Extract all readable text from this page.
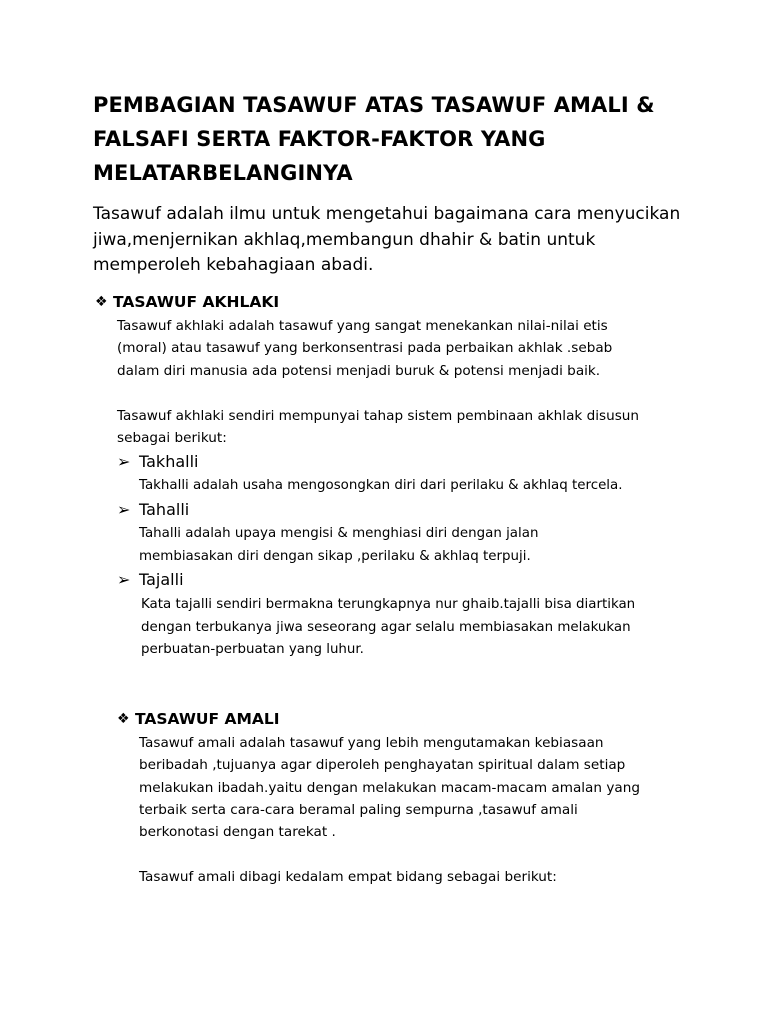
PEMBAGIAN TASAWUF ATAS TASAWUF AMALI &
FALSAFI SERTA FAKTOR-FAKTOR YANG
MELATARBELANGINYA
Tasawuf adalah ilmu untuk mengetahui bagaimana cara menyucikan
jiwa,menjernikan akhlaq,membangun dhahir & batin untuk
memperoleh kebahagiaan abadi.
❖ TASAWUF AKHLAKI
Tasawuf akhlaki adalah tasawuf yang sangat menekankan nilai-nilai etis
(moral) atau tasawuf yang berkonsentrasi pada perbaikan akhlak .sebab
dalam diri manusia ada potensi menjadi buruk & potensi menjadi baik.
Tasawuf akhlaki sendiri mempunyai tahap sistem pembinaan akhlak disusun
sebagai berikut:
➢ Takhalli
Takhalli adalah usaha mengosongkan diri dari perilaku & akhlaq tercela.
➢ Tahalli
Tahalli adalah upaya mengisi & menghiasi diri dengan jalan
membiasakan diri dengan sikap ,perilaku & akhlaq terpuji.
➢ Tajalli
Kata tajalli sendiri bermakna terungkapnya nur ghaib.tajalli bisa diartikan
dengan terbukanya jiwa seseorang agar selalu membiasakan melakukan
perbuatan-perbuatan yang luhur.
❖ TASAWUF AMALI
Tasawuf amali adalah tasawuf yang lebih mengutamakan kebiasaan
beribadah ,tujuanya agar diperoleh penghayatan spiritual dalam setiap
melakukan ibadah.yaitu dengan melakukan macam-macam amalan yang
terbaik serta cara-cara beramal paling sempurna ,tasawuf amali
berkonotasi dengan tarekat .
Tasawuf amali dibagi kedalam empat bidang sebagai berikut:
